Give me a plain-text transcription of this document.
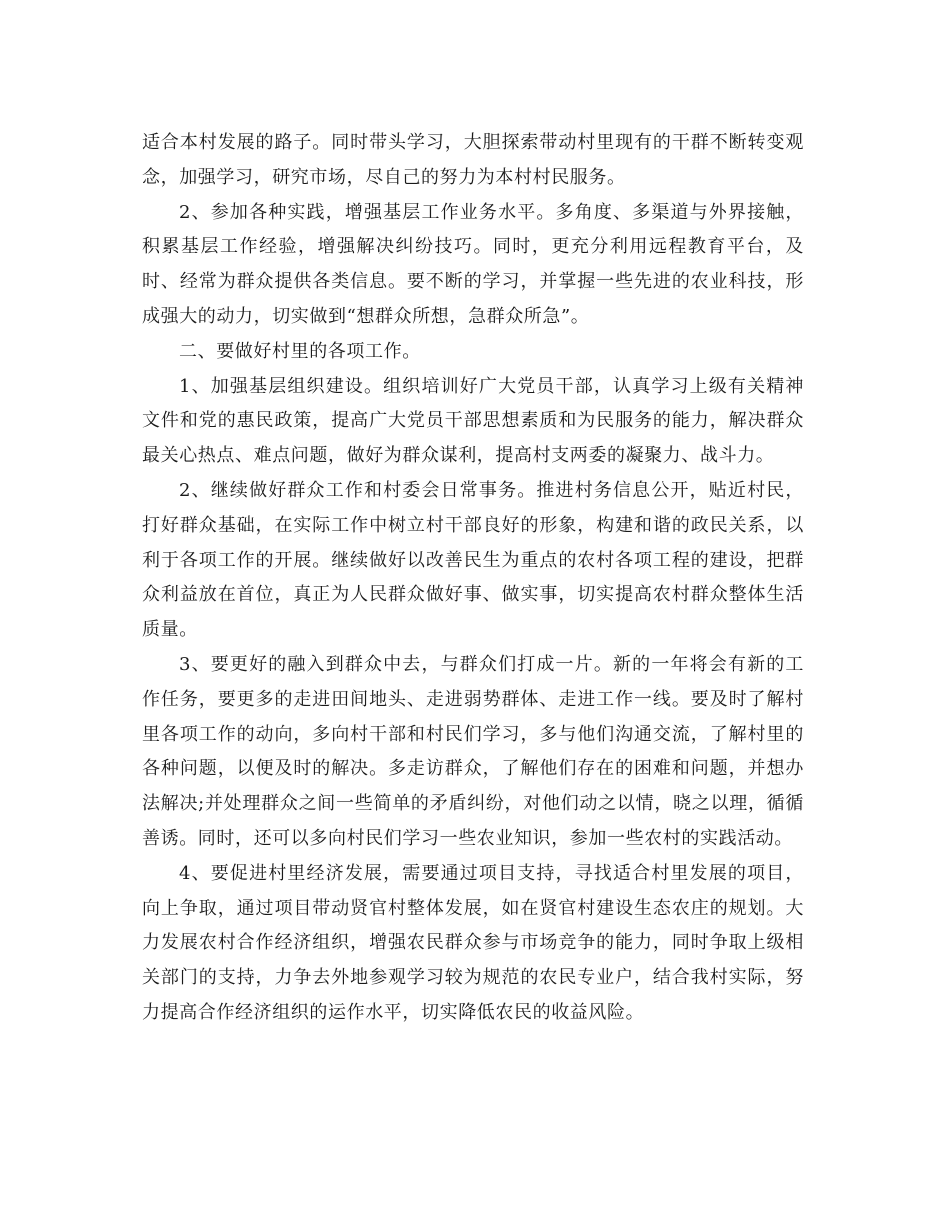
适合本村发展的路子。同时带头学习，大胆探索带动村里现有的干群不断转变观念，加强学习，研究市场，尽自己的努力为本村村民服务。

2、参加各种实践，增强基层工作业务水平。多角度、多渠道与外界接触，积累基层工作经验，增强解决纠纷技巧。同时，更充分利用远程教育平台，及时、经常为群众提供各类信息。要不断的学习，并掌握一些先进的农业科技，形成强大的动力，切实做到“想群众所想，急群众所急”。

二、要做好村里的各项工作。

1、加强基层组织建设。组织培训好广大党员干部，认真学习上级有关精神文件和党的惠民政策，提高广大党员干部思想素质和为民服务的能力，解决群众最关心热点、难点问题，做好为群众谋利，提高村支两委的凝聚力、战斗力。

2、继续做好群众工作和村委会日常事务。推进村务信息公开，贴近村民，打好群众基础，在实际工作中树立村干部良好的形象，构建和谐的政民关系，以利于各项工作的开展。继续做好以改善民生为重点的农村各项工程的建设，把群众利益放在首位，真正为人民群众做好事、做实事，切实提高农村群众整体生活质量。

3、要更好的融入到群众中去，与群众们打成一片。新的一年将会有新的工作任务，要更多的走进田间地头、走进弱势群体、走进工作一线。要及时了解村里各项工作的动向，多向村干部和村民们学习，多与他们沟通交流，了解村里的各种问题，以便及时的解决。多走访群众，了解他们存在的困难和问题，并想办法解决;并处理群众之间一些简单的矛盾纠纷，对他们动之以情，晓之以理，循循善诱。同时，还可以多向村民们学习一些农业知识，参加一些农村的实践活动。

4、要促进村里经济发展，需要通过项目支持，寻找适合村里发展的项目，向上争取，通过项目带动贤官村整体发展，如在贤官村建设生态农庄的规划。大力发展农村合作经济组织，增强农民群众参与市场竞争的能力，同时争取上级相关部门的支持，力争去外地参观学习较为规范的农民专业户，结合我村实际，努力提高合作经济组织的运作水平，切实降低农民的收益风险。
